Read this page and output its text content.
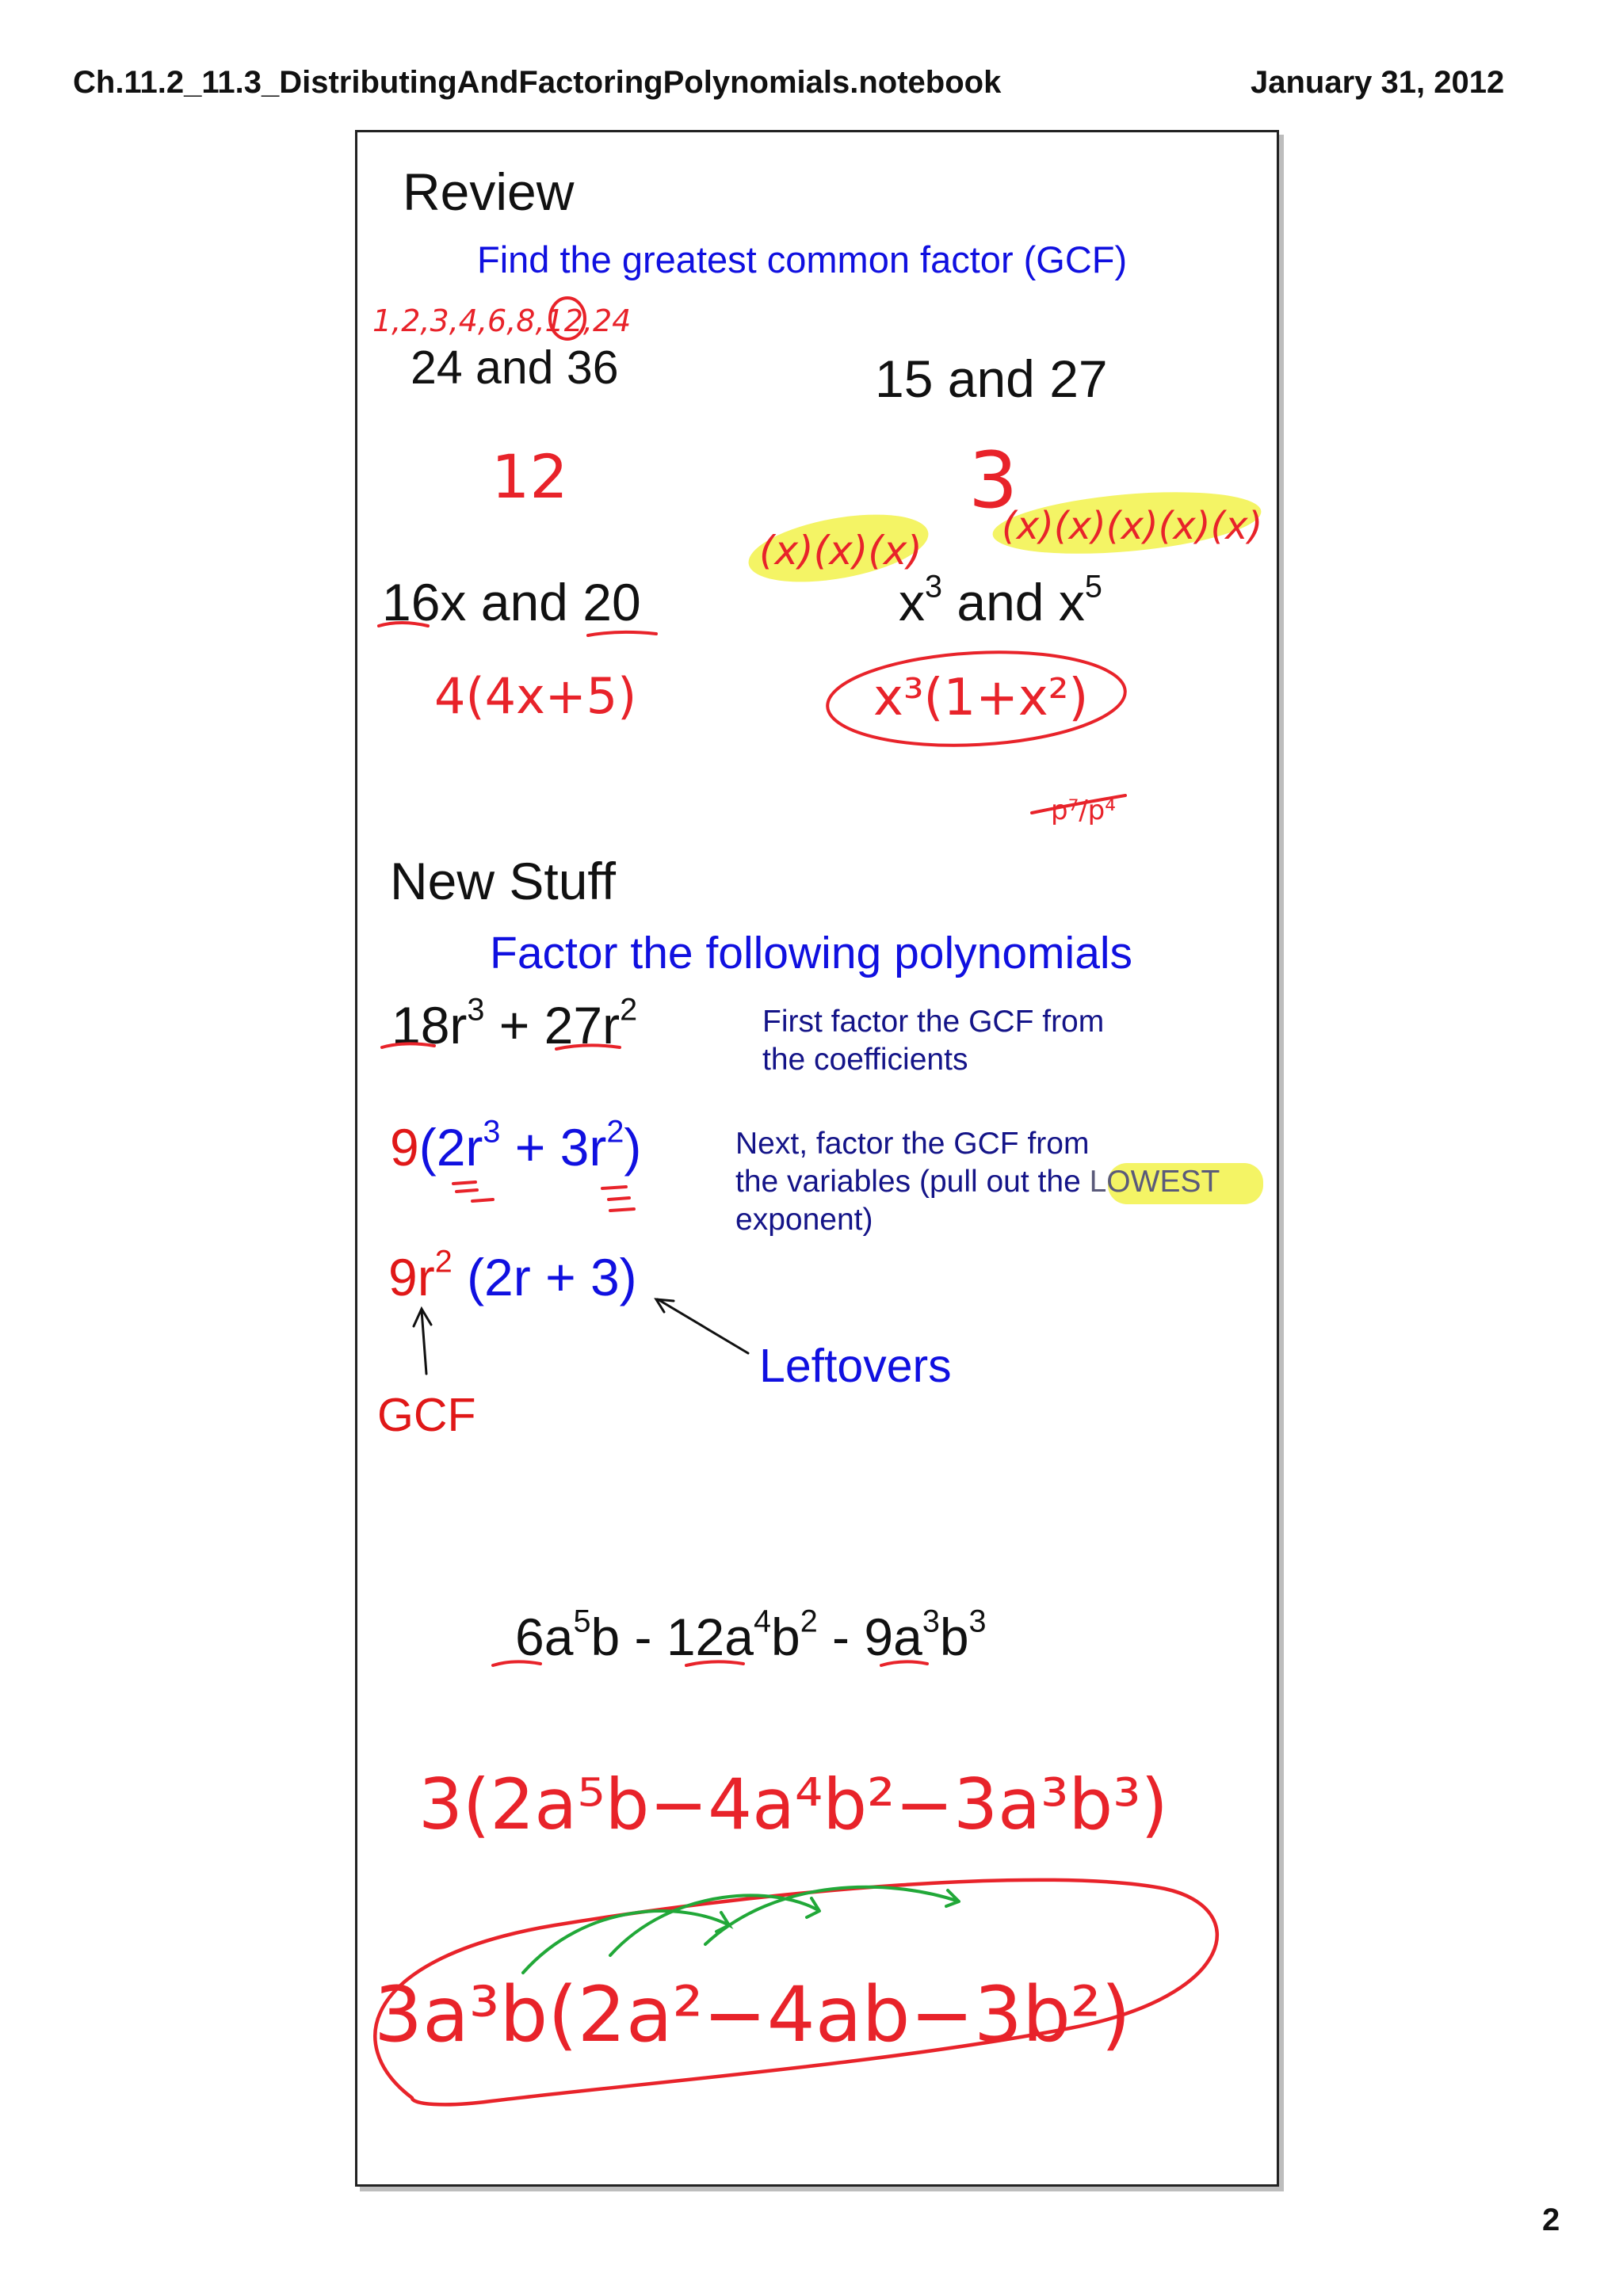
Ch.11.2_11.3_DistributingAndFactoringPolynomials.notebook	January 31, 2012
2
Review
Find the greatest common factor (GCF)
24 and 36	15 and 27
16x and 20	$x^3$ and $x^5$
New Stuff
Factor the following polynomials
$18r^3 + 27r^2$	First factor the GCF from
the coefficients
$9(2r^3 + 3r^2)$	Next, factor the GCF from
the variables (pull out the LOWEST
exponent)
$9r^2$ (2r + 3)
GCF
Leftovers
$6a^5b - 12a^4b^2 - 9a^3b^3$
1,2,3,4,6,8,12,24
12	3
(x)(x)(x)
(x)(x)(x)(x)(x)
4(4x+5)	x³(1+x²)
p⁷/p⁴
3(2a⁵b−4a⁴b²−3a³b³)
3a³b(2a²−4ab−3b²)
